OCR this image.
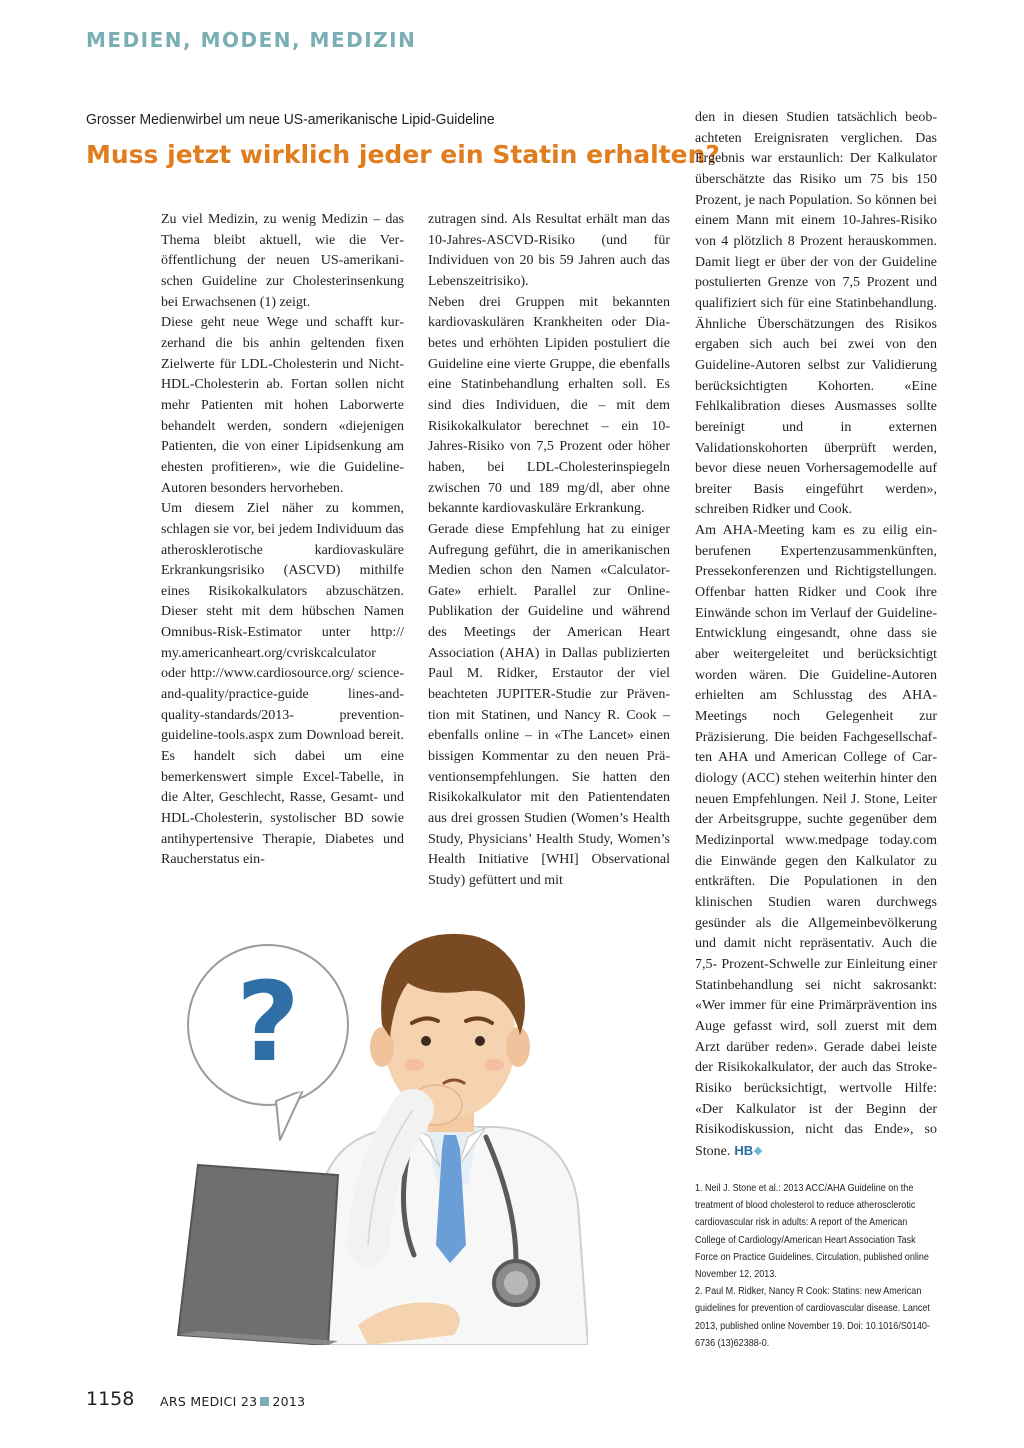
MEDIEN, MODEN, MEDIZIN
Grosser Medienwirbel um neue US-amerikanische Lipid-Guideline
Muss jetzt wirklich jeder ein Statin erhalten?

Zu viel Medizin, zu wenig Medizin – das Thema bleibt aktuell, wie die Veröffentlichung der neuen US-amerikanischen Guideline zur Cholesterinsenkung bei Erwachsenen (1) zeigt.

Diese geht neue Wege und schafft kurzerhand die bis anhin geltenden fixen Zielwerte für LDL-Cholesterin und Nicht-HDL-Cholesterin ab. Fortan sollen nicht mehr Patienten mit hohen Laborwerte behandelt werden, sondern «diejenigen Patienten, die von einer Lipidsenkung am ehesten profitieren», wie die Guideline-Autoren besonders hervorheben.

Um diesem Ziel näher zu kommen, schlagen sie vor, bei jedem Individuum das atherosklerotische kardiovaskuläre Erkrankungsrisiko (ASCVD) mithilfe eines Risikokalkulators abzuschätzen. Dieser steht mit dem hübschen Namen Omnibus-Risk-Estimator unter http:// my.americanheart.org/cvriskcalculator oder http://www.cardiosource.org/ science-and-quality/practice-guide lines-and-quality-standards/2013- prevention-guideline-tools.aspx zum Download bereit. Es handelt sich dabei um eine bemerkenswert simple Excel-Tabelle, in die Alter, Geschlecht, Rasse, Gesamt- und HDL-Cholesterin, systolischer BD sowie antihypertensive Therapie, Diabetes und Raucherstatus ein-

zutragen sind. Als Resultat erhält man das 10-Jahres-ASCVD-Risiko (und für Individuen von 20 bis 59 Jahren auch das Lebenszeitrisiko).

Neben drei Gruppen mit bekannten kardiovaskulären Krankheiten oder Diabetes und erhöhten Lipiden postuliert die Guideline eine vierte Gruppe, die ebenfalls eine Statinbehandlung erhalten soll. Es sind dies Individuen, die – mit dem Risikokalkulator berechnet – ein 10-Jahres-Risiko von 7,5 Prozent oder höher haben, bei LDL-Cholesterinspiegeln zwischen 70 und 189 mg/dl, aber ohne bekannte kardiovaskuläre Erkrankung.

Gerade diese Empfehlung hat zu einiger Aufregung geführt, die in amerikanischen Medien schon den Namen «Calculator-Gate» erhielt. Parallel zur Online-Publikation der Guideline und während des Meetings der American Heart Association (AHA) in Dallas publizierten Paul M. Ridker, Erstautor der viel beachteten JUPITER-Studie zur Prävention mit Statinen, und Nancy R. Cook – ebenfalls online – in «The Lancet» einen bissigen Kommentar zu den neuen Präventionsempfehlungen. Sie hatten den Risikokalkulator mit den Patientendaten aus drei grossen Studien (Women’s Health Study, Physicians’ Health Study, Women’s Health Initiative [WHI] Observational Study) gefüttert und mit

den in diesen Studien tatsächlich beobachteten Ereignisraten verglichen. Das Ergebnis war erstaunlich: Der Kalkulator überschätzte das Risiko um 75 bis 150 Prozent, je nach Population. So können bei einem Mann mit einem 10-Jahres-Risiko von 4 plötzlich 8 Prozent herauskommen. Damit liegt er über der von der Guideline postulierten Grenze von 7,5 Prozent und qualifiziert sich für eine Statinbehandlung. Ähnliche Überschätzungen des Risikos ergaben sich auch bei zwei von den Guideline-Autoren selbst zur Validierung berücksichtigten Kohorten. «Eine Fehlkalibration dieses Ausmasses sollte bereinigt und in externen Validationskohorten überprüft werden, bevor diese neuen Vorhersagemodelle auf breiter Basis eingeführt werden», schreiben Ridker und Cook.

Am AHA-Meeting kam es zu eilig einberufenen Expertenzusammenkünften, Pressekonferenzen und Richtigstellungen. Offenbar hatten Ridker und Cook ihre Einwände schon im Verlauf der Guideline-Entwicklung eingesandt, ohne dass sie aber weitergeleitet und berücksichtigt worden wären. Die Guideline-Autoren erhielten am Schlusstag des AHA-Meetings noch Gelegenheit zur Präzisierung. Die beiden Fachgesellschaften AHA und American College of Cardiology (ACC) stehen weiterhin hinter den neuen Empfehlungen. Neil J. Stone, Leiter der Arbeitsgruppe, suchte gegenüber dem Medizinportal www.medpage today.com die Einwände gegen den Kalkulator zu entkräften. Die Populationen in den klinischen Studien waren durchwegs gesünder als die Allgemeinbevölkerung und damit nicht repräsentativ. Auch die 7,5- Prozent-Schwelle zur Einleitung einer Statinbehandlung sei nicht sakrosankt: «Wer immer für eine Primärprävention ins Auge gefasst wird, soll zuerst mit dem Arzt darüber reden». Gerade dabei leiste der Risikokalkulator, der auch das Stroke-Risiko berücksichtigt, wertvolle Hilfe: «Der Kalkulator ist der Beginn der Risikodiskussion, nicht das Ende», so Stone. HB❖

1. Neil J. Stone et al.: 2013 ACC/AHA Guideline on the treatment of blood cholesterol to reduce atherosclerotic cardiovascular risk in adults: A report of the American College of Cardiology/American Heart Association Task Force on Practice Guidelines. Circulation, published online November 12, 2013.

2. Paul M. Ridker, Nancy R Cook: Statins: new American guidelines for prevention of cardiovascular disease. Lancet 2013, published online November 19. Doi: 10.1016/S0140-6736 (13)62388-0.

?
1158 ARS MEDICI 23 2013
